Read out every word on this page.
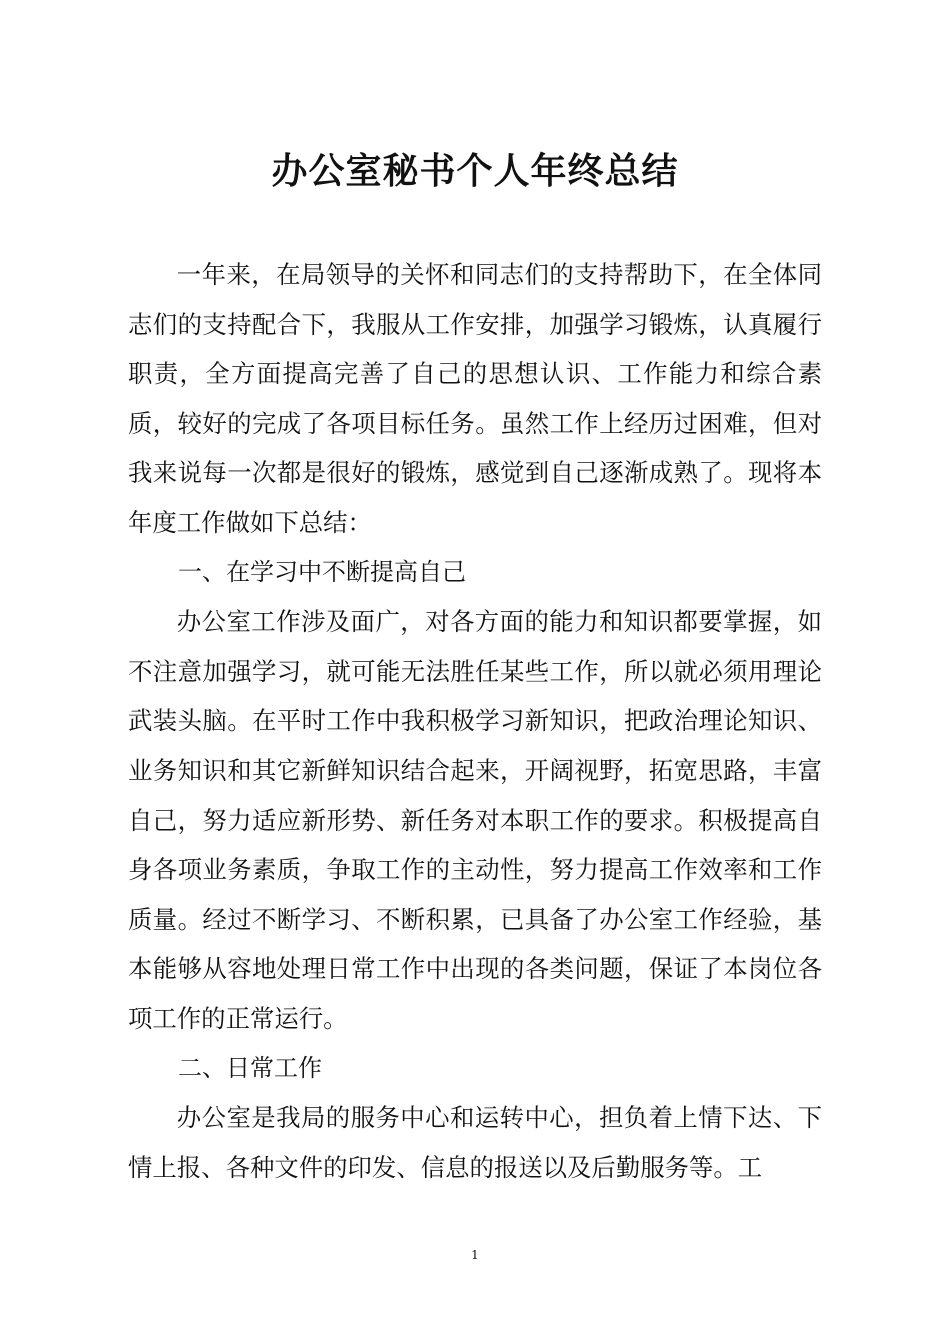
办公室秘书个人年终总结

一年来，在局领导的关怀和同志们的支持帮助下，在全体同志们的支持配合下，我服从工作安排，加强学习锻炼，认真履行职责，全方面提高完善了自己的思想认识、工作能力和综合素质，较好的完成了各项目标任务。虽然工作上经历过困难，但对我来说每一次都是很好的锻炼，感觉到自己逐渐成熟了。现将本年度工作做如下总结：

一、在学习中不断提高自己

办公室工作涉及面广，对各方面的能力和知识都要掌握，如不注意加强学习，就可能无法胜任某些工作，所以就必须用理论武装头脑。在平时工作中我积极学习新知识，把政治理论知识、业务知识和其它新鲜知识结合起来，开阔视野，拓宽思路，丰富自己，努力适应新形势、新任务对本职工作的要求。积极提高自身各项业务素质，争取工作的主动性，努力提高工作效率和工作质量。经过不断学习、不断积累，已具备了办公室工作经验，基本能够从容地处理日常工作中出现的各类问题，保证了本岗位各项工作的正常运行。

二、日常工作

办公室是我局的服务中心和运转中心，担负着上情下达、下情上报、各种文件的印发、信息的报送以及后勤服务等。工

1
